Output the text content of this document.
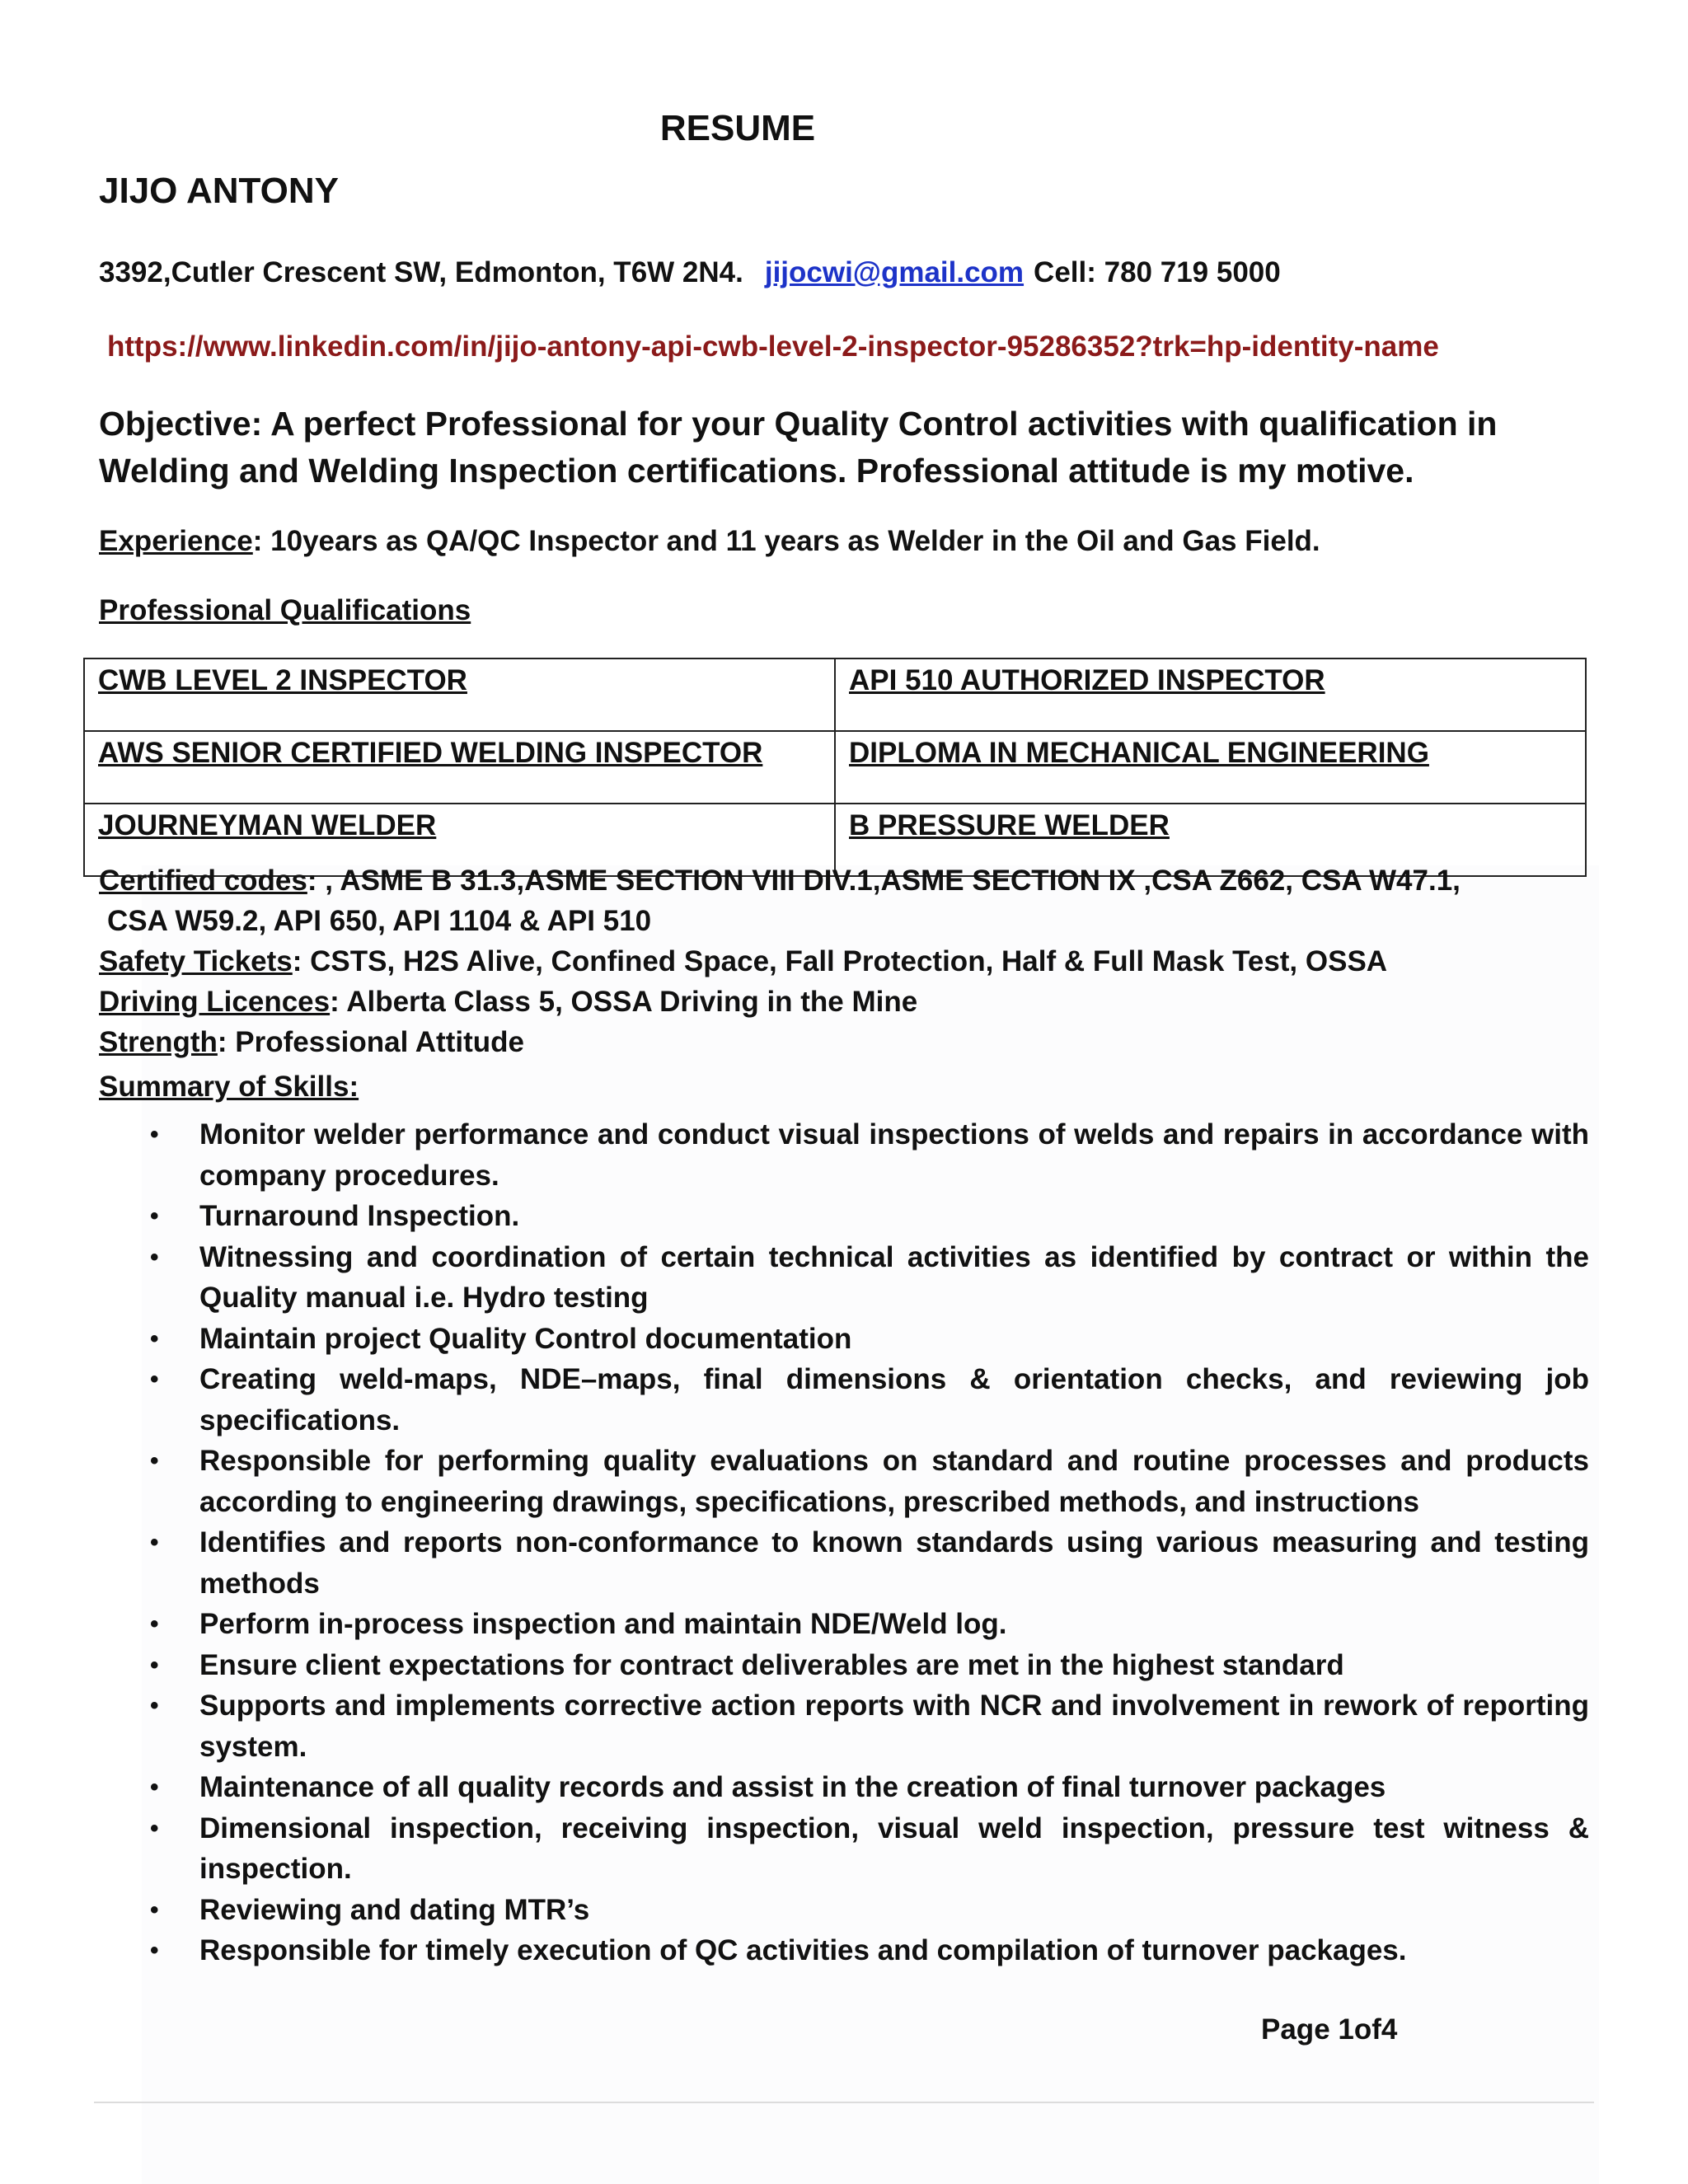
RESUME
JIJO ANTONY
3392,Cutler Crescent SW, Edmonton, T6W 2N4. jijocwi@gmail.com Cell: 780 719 5000
https://www.linkedin.com/in/jijo-antony-api-cwb-level-2-inspector-95286352?trk=hp-identity-name
Objective: A perfect Professional for your Quality Control activities with qualification in Welding and Welding Inspection certifications. Professional attitude is my motive.
Experience: 10years as QA/QC Inspector and 11 years as Welder in the Oil and Gas Field.
Professional Qualifications
CWB LEVEL 2 INSPECTOR	API 510 AUTHORIZED INSPECTOR
AWS SENIOR CERTIFIED WELDING INSPECTOR	DIPLOMA IN MECHANICAL ENGINEERING
JOURNEYMAN WELDER	B PRESSURE WELDER
Certified codes: , ASME B 31.3,ASME SECTION VIII DIV.1,ASME SECTION IX ,CSA Z662, CSA W47.1,
CSA W59.2, API 650, API 1104 & API 510
Safety Tickets: CSTS, H2S Alive, Confined Space, Fall Protection, Half & Full Mask Test, OSSA
Driving Licences: Alberta Class 5, OSSA Driving in the Mine
Strength: Professional Attitude
Summary of Skills:
• Monitor welder performance and conduct visual inspections of welds and repairs in accordance with company procedures.
• Turnaround Inspection.
• Witnessing and coordination of certain technical activities as identified by contract or within the Quality manual i.e. Hydro testing
• Maintain project Quality Control documentation
• Creating weld-maps, NDE–maps, final dimensions & orientation checks, and reviewing job specifications.
• Responsible for performing quality evaluations on standard and routine processes and products according to engineering drawings, specifications, prescribed methods, and instructions
• Identifies and reports non-conformance to known standards using various measuring and testing methods
• Perform in-process inspection and maintain NDE/Weld log.
• Ensure client expectations for contract deliverables are met in the highest standard
• Supports and implements corrective action reports with NCR and involvement in rework of reporting system.
• Maintenance of all quality records and assist in the creation of final turnover packages
• Dimensional inspection, receiving inspection, visual weld inspection, pressure test witness & inspection.
• Reviewing and dating MTR’s
• Responsible for timely execution of QC activities and compilation of turnover packages.
Page 1of4
